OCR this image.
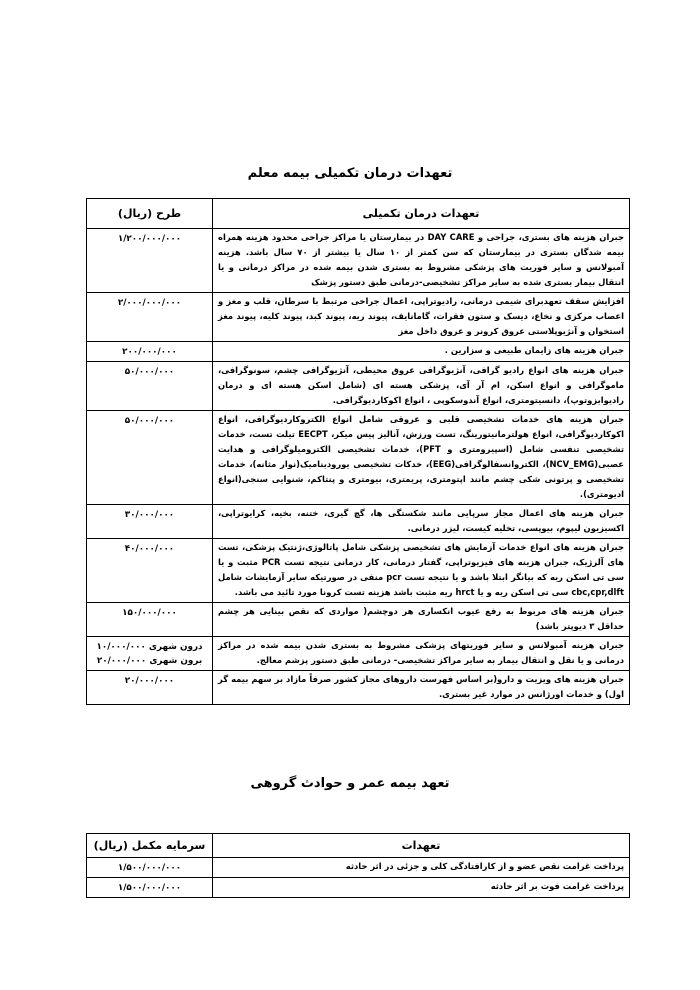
تعهدات درمان تکمیلی بیمه معلم
تعهدات درمان تکمیلی	طرح (ریال)
جبران هزینه های بستری، جراحی و DAY CARE در بیمارستان یا مراکز جراحی محدود هزینه همراه بیمه شدگان بستری در بیمارستان که سن کمتر از ۱۰ سال یا بیشتر از ۷۰ سال باشد. هزینه آمبولانس و سایر فوریت های پزشکی مشروط به بستری شدن بیمه شده در مراکز درمانی و یا انتقال بیمار بستری شده به سایر مراکز تشخیصی-درمانی طبق دستور پزشک	۱/۲۰۰/۰۰۰/۰۰۰

افزایش سقف تعهدبرای شیمی درمانی، رادیوتراپی، اعمال جراحی مرتبط با سرطان، قلب و مغز و اعصاب مرکزی و نخاع، دیسک و ستون فقرات، گامانایف، پیوند ریه، پیوند کبد، پیوند کلیه، پیوند مغز استخوان و آنژیوپلاستی عروق کرونر و عروق داخل مغز	۲/۰۰۰/۰۰۰/۰۰۰

جبران هزینه های زایمان طبیعی و سزارین .	۲۰۰/۰۰۰/۰۰۰

جبران هزینه های انواع رادیو گرافی، آنژیوگرافی عروق محیطی، آنژیوگرافی چشم، سونوگرافی، ماموگرافی و انواع اسکن، ام آر آی، پزشکی هسته ای (شامل اسکن هسته ای و درمان رادیوایزوتوپ)، دانسیتومتری، انواع آندوسکوپی ، انواع اکوکاردیوگرافی.	۵۰/۰۰۰/۰۰۰

جبران هزینه های خدمات تشخیصی قلبی و عروقی شامل انواع الکتروکاردیوگرافی، انواع اکوکاردیوگرافی، انواع هولترمانیتورینگ، تست ورزش، آنالیز پیس میکر، EECPT تیلت تست، خدمات تشخیصی تنفسی شامل (اسپیرومتری و PFT)، خدمات تشخیصی الکترومیلوگرافی و هدایت عصبی(NCV_EMG)، الکتروانسفالوگرافی(EEG)، خدکات تشخیصی یورودینامیک(نوار مثانه)، خدمات تشخیصی و پرتونی شکی چشم مانند اپتومتری، پریمتری، بیومتری و پنتاکم، شنوایی سنجی(انواع ادیومتری).	۵۰/۰۰۰/۰۰۰

جبران هزینه های اعمال مجاز سرپایی مانند شکستگی ها، گچ گیری، ختنه، بخیه، کرایوتراپی، اکسیزیون لیپوم، بیوپسی، تخلیه کیست، لیزر درمانی.	۳۰/۰۰۰/۰۰۰

جبران هزینه های انواع خدمات آزمایش های تشخیصی پزشکی شامل پاتالوژی،ژنتیک پزشکی، تست های آلرژیک، جبران هزینه های فیزیوتراپی، گفتار درمانی، کار درمانی نتیجه تست PCR مثبت و یا سی تی اسکن ریه که بیانگر ابتلا باشد و یا نتیجه تست pcr منفی در صورتیکه سایر آزمایشات شامل cbc,cpr,dlft سی تی اسکن ریه و یا hrct ریه مثبت باشد هزینه تست کرونا مورد تائید می باشد.	۴۰/۰۰۰/۰۰۰

جبران هزینه های مربوط به رفع عیوب انکساری هر دوچشم( مواردی که نقص بینایی هر چشم حداقل ۳ دیوپتر باشد)	۱۵۰/۰۰۰/۰۰۰

جبران هزینه آمبولانس و سایر فوریتهای پزشکی مشروط به بستری شدن بیمه شده در مراکز درمانی و یا نقل و انتقال بیمار به سایر مراکز تشخیصی- درمانی طبق دستور پزشم معالج.	درون شهری ۱۰/۰۰۰/۰۰۰
برون شهری ۲۰/۰۰۰/۰۰۰

جبران هزینه های ویزیت و دارو(بر اساس فهرست داروهای مجاز کشور صرفاً مازاد بر سهم بیمه گر اول) و خدمات اورژانس در موارد غیر بستری.	۲۰/۰۰۰/۰۰۰
تعهد بیمه عمر و حوادث گروهی
تعهدات	سرمایه مکمل (ریال)
پرداخت غرامت نقص عضو و از کارافتادگی کلی و جزئی در اثر حادثه	۱/۵۰۰/۰۰۰/۰۰۰

پرداخت غرامت فوت بر اثر حادثه	۱/۵۰۰/۰۰۰/۰۰۰
